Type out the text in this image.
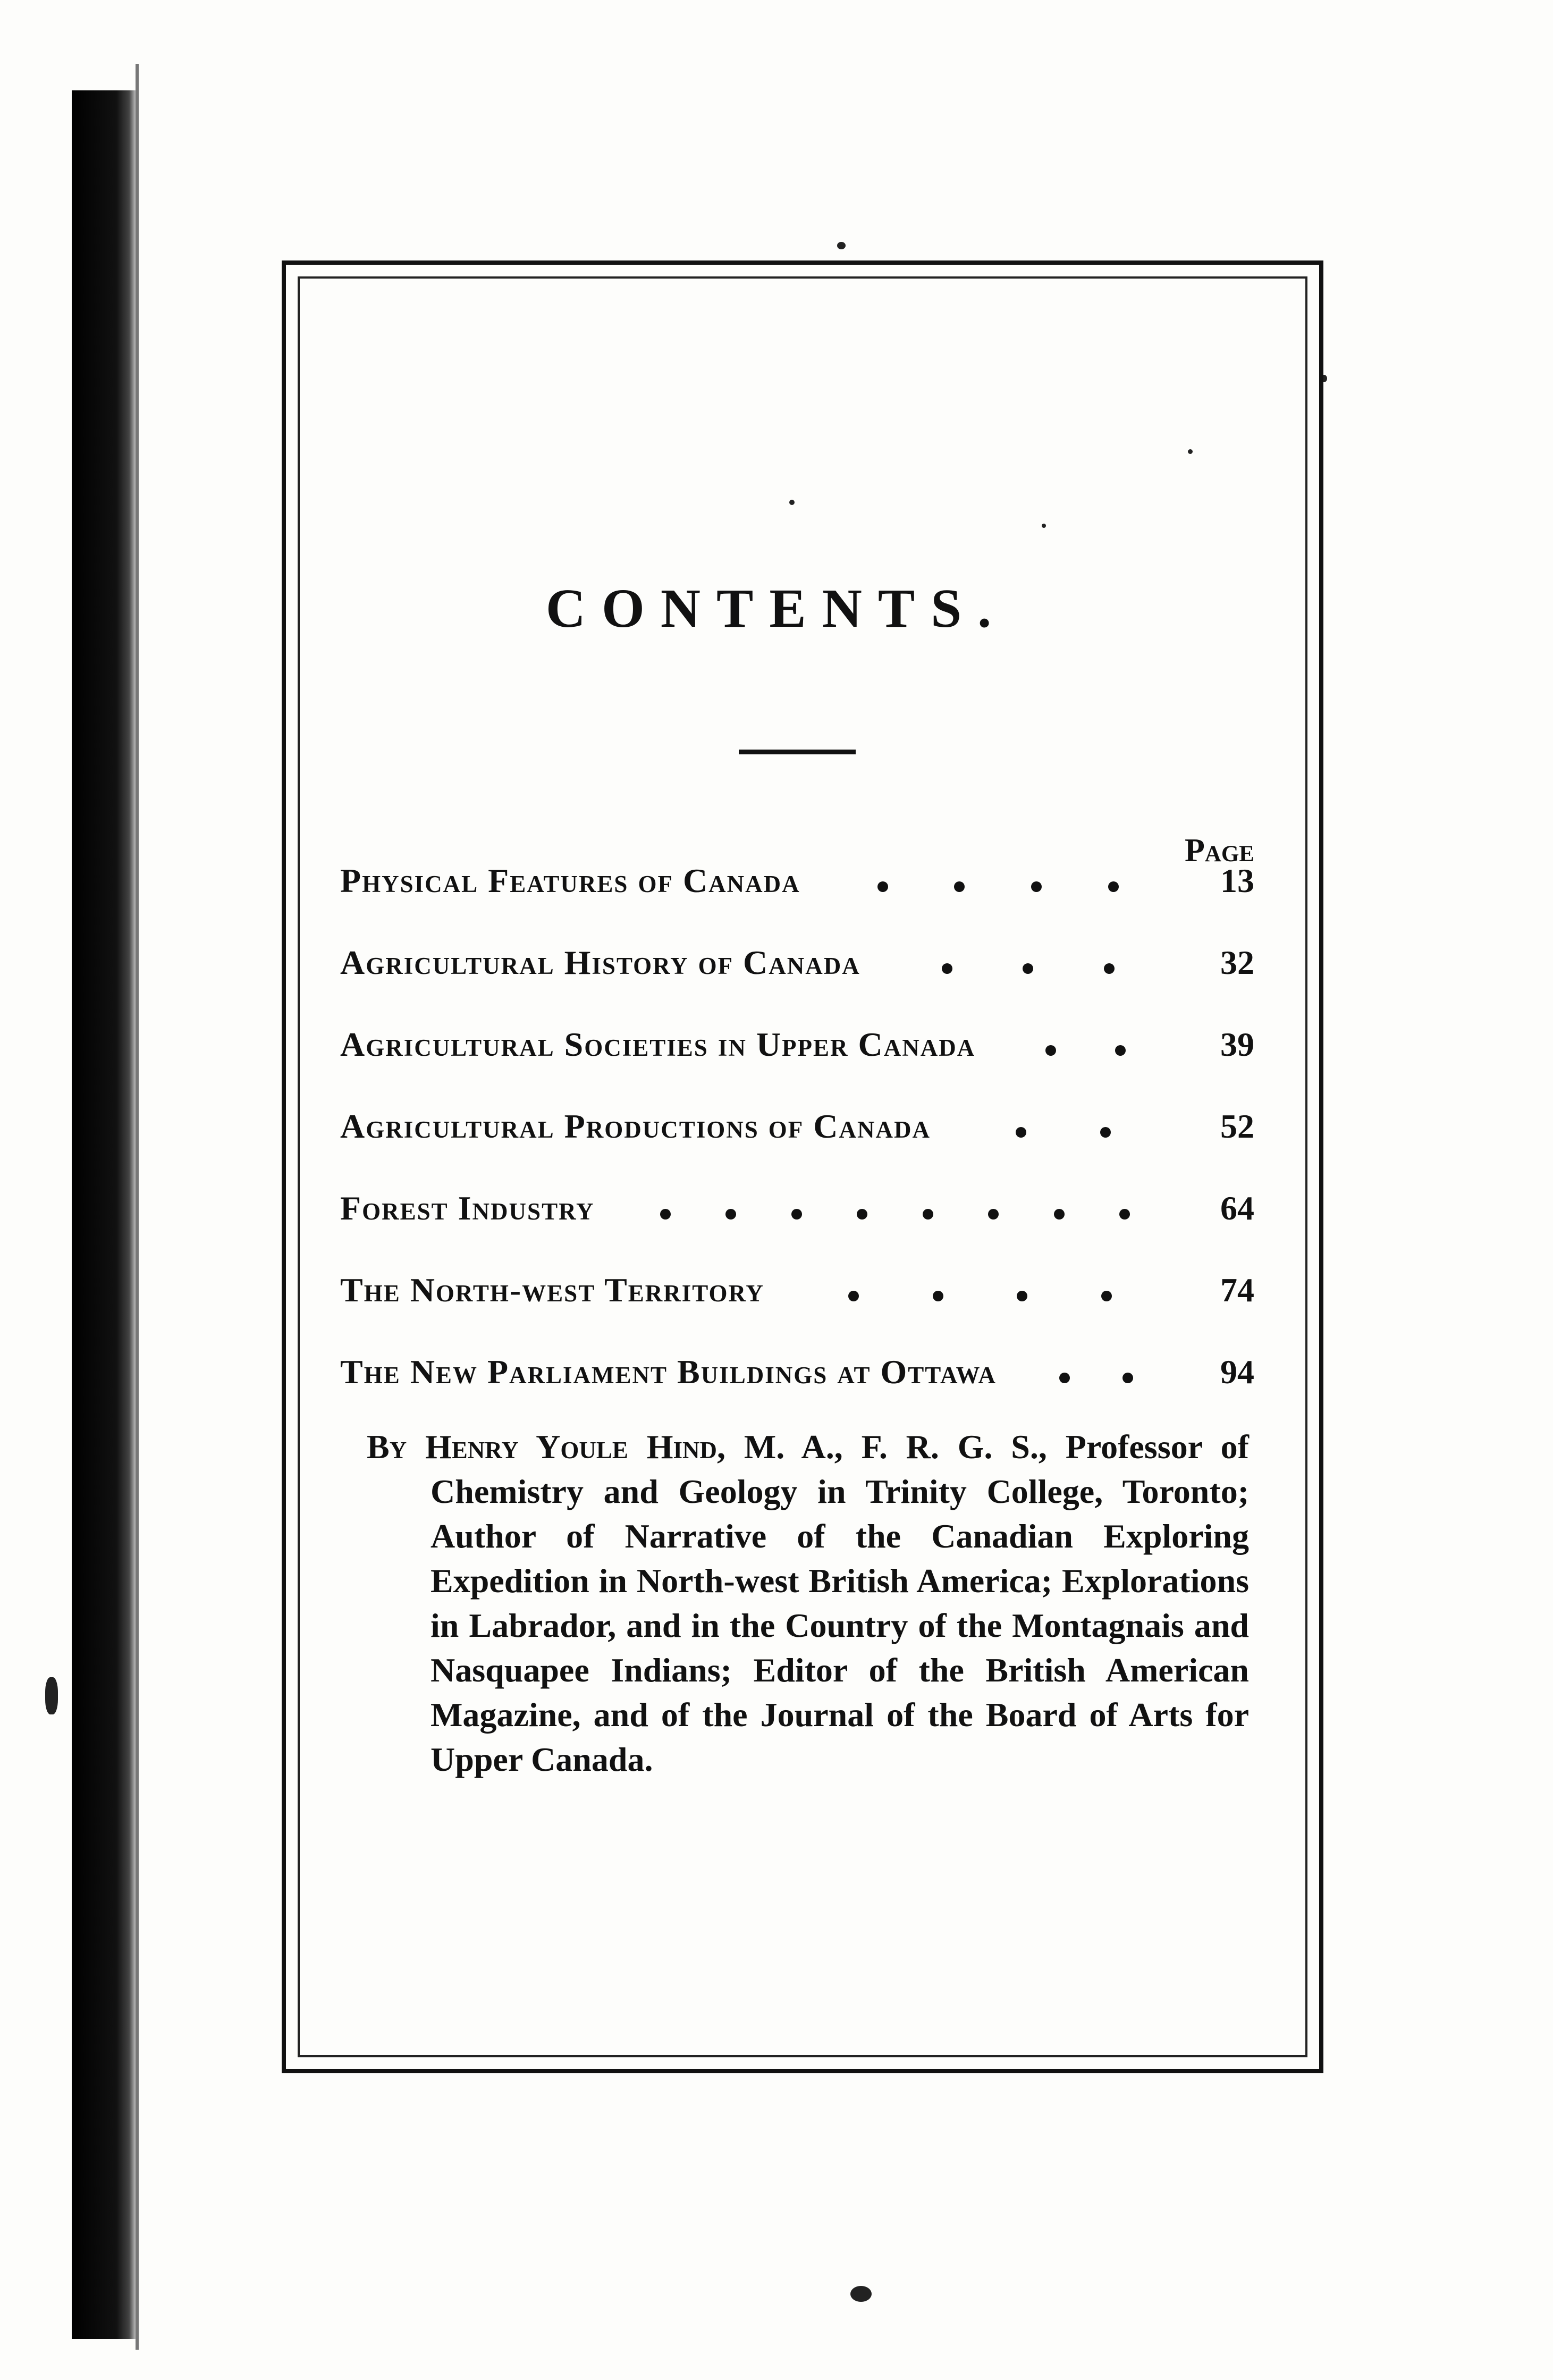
CONTENTS.
Page
Physical Features of Canada	13
Agricultural History of Canada	32
Agricultural Societies in Upper Canada	39
Agricultural Productions of Canada	52
Forest Industry	64
The North-west Territory	74
The New Parliament Buildings at Ottawa	94
By Henry Youle Hind, M. A., F. R. G. S., Professor of Chemistry and Geology in Trinity College, Toronto; Author of Narrative of the Canadian Exploring Expedition in North-west British America; Explorations in Labrador, and in the Country of the Montagnais and Nasquapee Indians; Editor of the British American Magazine, and of the Journal of the Board of Arts for Upper Canada.
